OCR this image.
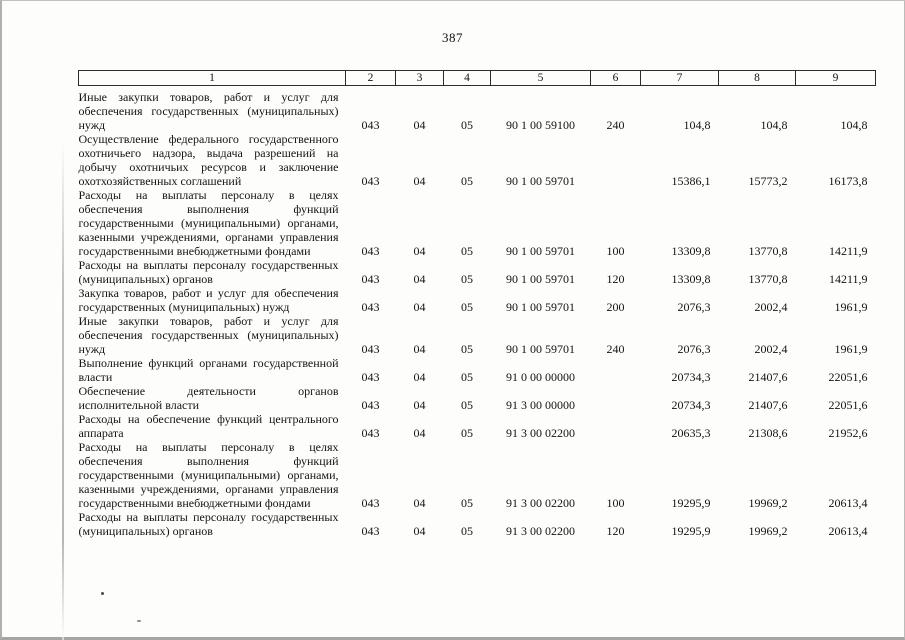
387
1	2	3	4	5	6	7	8	9
Иные закупки товаров, работ и услуг для обеспечения государственных (муниципальных) нужд	043	04	05	90 1 00 59100	240	104,8	104,8	104,8
Осуществление федерального государственного охотничьего надзора, выдача разрешений на добычу охотничьих ресурсов и заключение охотхозяйственных соглашений	043	04	05	90 1 00 59701		15386,1	15773,2	16173,8
Расходы на выплаты персоналу в целях обеспечения выполнения функций государственными (муниципальными) органами, казенными учреждениями, органами управления государственными внебюджетными фондами	043	04	05	90 1 00 59701	100	13309,8	13770,8	14211,9
Расходы на выплаты персоналу государственных (муниципальных) органов	043	04	05	90 1 00 59701	120	13309,8	13770,8	14211,9
Закупка товаров, работ и услуг для обеспечения государственных (муниципальных) нужд	043	04	05	90 1 00 59701	200	2076,3	2002,4	1961,9
Иные закупки товаров, работ и услуг для обеспечения государственных (муниципальных) нужд	043	04	05	90 1 00 59701	240	2076,3	2002,4	1961,9
Выполнение функций органами государственной власти	043	04	05	91 0 00 00000		20734,3	21407,6	22051,6
Обеспечение деятельности органов исполнительной власти	043	04	05	91 3 00 00000		20734,3	21407,6	22051,6
Расходы на обеспечение функций центрального аппарата	043	04	05	91 3 00 02200		20635,3	21308,6	21952,6
Расходы на выплаты персоналу в целях обеспечения выполнения функций государственными (муниципальными) органами, казенными учреждениями, органами управления государственными внебюджетными фондами	043	04	05	91 3 00 02200	100	19295,9	19969,2	20613,4
Расходы на выплаты персоналу государственных (муниципальных) органов	043	04	05	91 3 00 02200	120	19295,9	19969,2	20613,4
